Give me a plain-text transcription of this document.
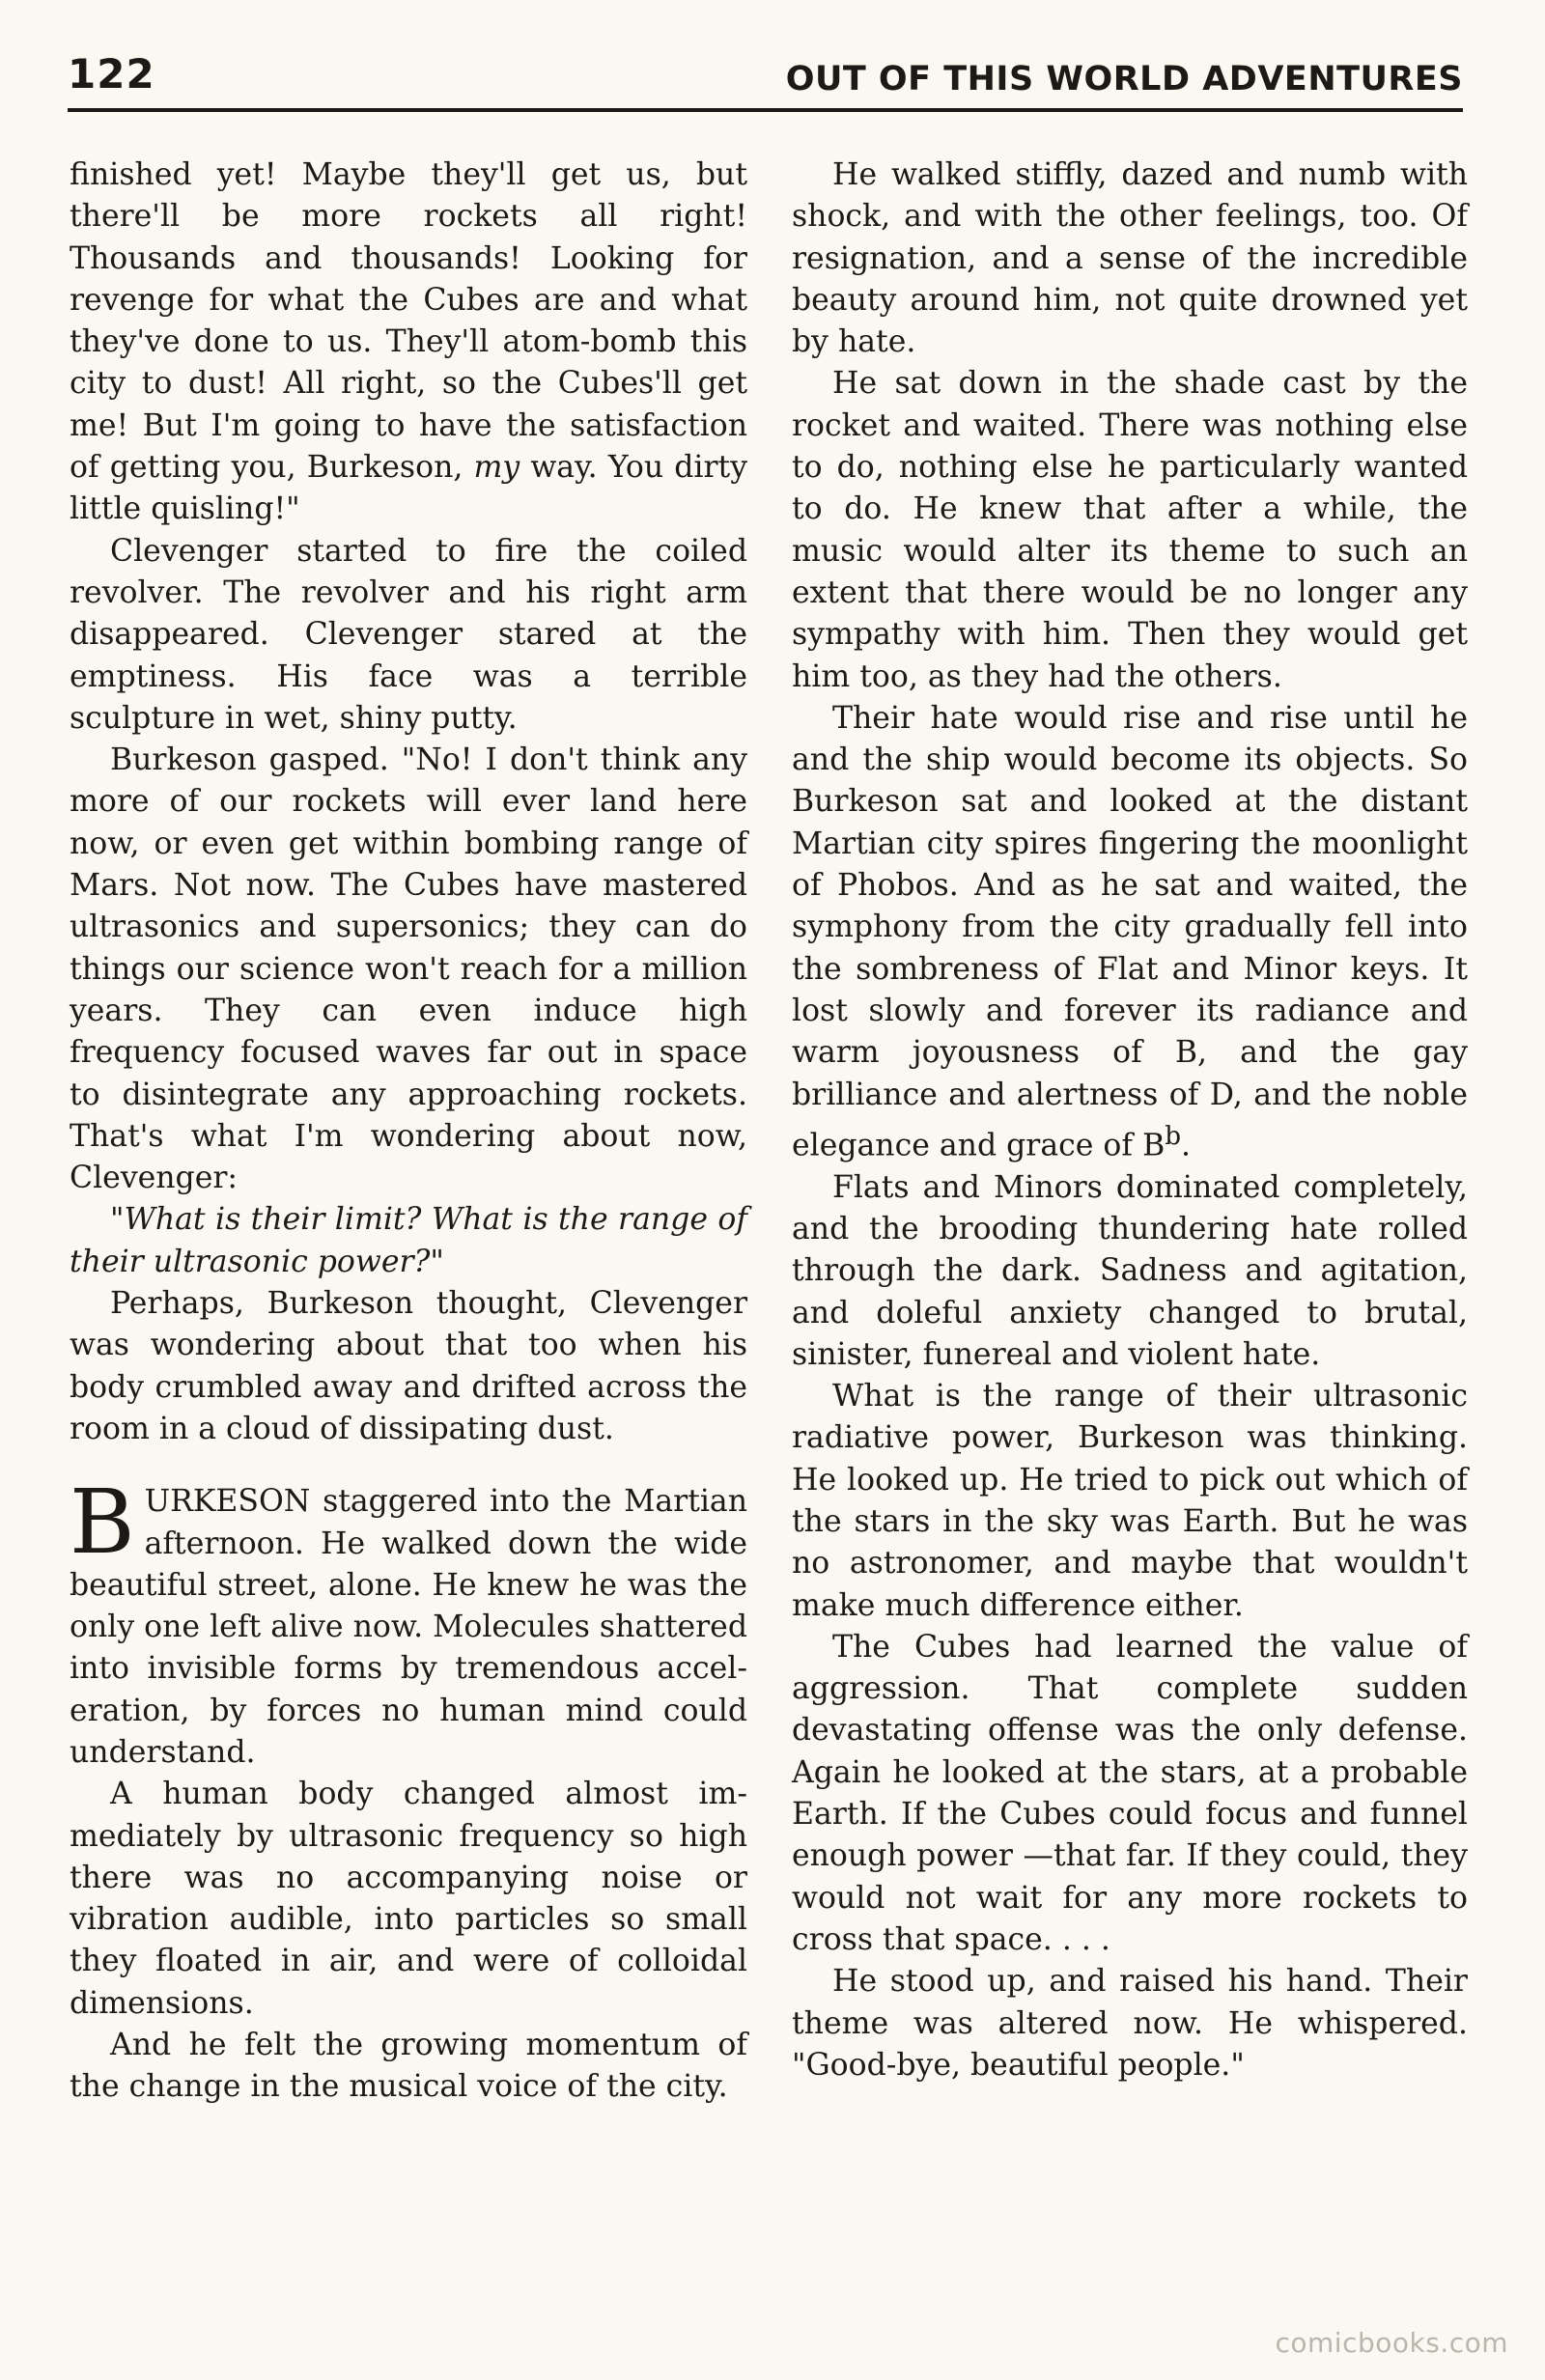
122	OUT OF THIS WORLD ADVENTURES

finished yet! Maybe they'll get us, but there'll be more rockets all right! Thousands and thousands! Looking for revenge for what the Cubes are and what they've done to us. They'll atom-bomb this city to dust! All right, so the Cubes'll get me! But I'm going to have the satisfaction of getting you, Burkeson, my way. You dirty little quisling!"

Clevenger started to fire the coiled revolver. The revolver and his right arm disappeared. Clevenger stared at the emptiness. His face was a terrible sculpture in wet, shiny putty.

Burkeson gasped. "No! I don't think any more of our rockets will ever land here now, or even get within bombing range of Mars. Not now. The Cubes have mastered ultrasonics and supersonics; they can do things our science won't reach for a million years. They can even induce high frequency focused waves far out in space to disintegrate any approaching rockets. That's what I'm wondering about now, Clevenger:

"What is their limit? What is the range of their ultrasonic power?"

Perhaps, Burkeson thought, Clevenger was wondering about that too when his body crumbled away and drifted across the room in a cloud of dissipating dust.

BURKESON staggered into the Martian afternoon. He walked down the wide beautiful street, alone. He knew he was the only one left alive now. Molecules shattered into invisible forms by tremendous acceleration, by forces no human mind could understand.

A human body changed almost immediately by ultrasonic frequency so high there was no accompanying noise or vibration audible, into particles so small they floated in air, and were of colloidal dimensions.

And he felt the growing momentum of the change in the musical voice of the city.

He walked stiffly, dazed and numb with shock, and with the other feelings, too. Of resignation, and a sense of the incredible beauty around him, not quite drowned yet by hate.

He sat down in the shade cast by the rocket and waited. There was nothing else to do, nothing else he particularly wanted to do. He knew that after a while, the music would alter its theme to such an extent that there would be no longer any sympathy with him. Then they would get him too, as they had the others.

Their hate would rise and rise until he and the ship would become its objects. So Burkeson sat and looked at the distant Martian city spires fingering the moonlight of Phobos. And as he sat and waited, the symphony from the city gradually fell into the sombreness of Flat and Minor keys. It lost slowly and forever its radiance and warm joyousness of B, and the gay brilliance and alertness of D, and the noble elegance and grace of $B^b$.

Flats and Minors dominated completely, and the brooding thundering hate rolled through the dark. Sadness and agitation, and doleful anxiety changed to brutal, sinister, funereal and violent hate.

What is the range of their ultrasonic radiative power, Burkeson was thinking. He looked up. He tried to pick out which of the stars in the sky was Earth. But he was no astronomer, and maybe that wouldn't make much difference either.

The Cubes had learned the value of aggression. That complete sudden devastating offense was the only defense. Again he looked at the stars, at a probable Earth. If the Cubes could focus and funnel enough power —that far. If they could, they would not wait for any more rockets to cross that space. . . .

He stood up, and raised his hand. Their theme was altered now. He whispered. "Good-bye, beautiful people."

comicbooks.com
